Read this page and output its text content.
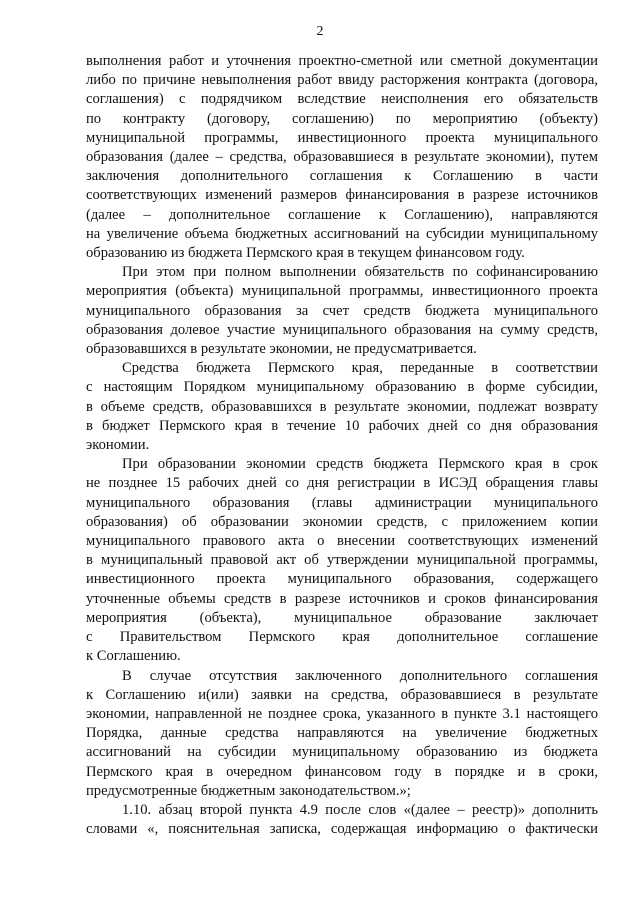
2
выполнения работ и уточнения проектно-сметной или сметной документации
либо по причине невыполнения работ ввиду расторжения контракта (договора,
соглашения) с подрядчиком вследствие неисполнения его обязательств
по контракту (договору, соглашению) по мероприятию (объекту)
муниципальной программы, инвестиционного проекта муниципального
образования (далее – средства, образовавшиеся в результате экономии), путем
заключения дополнительного соглашения к Соглашению в части
соответствующих изменений размеров финансирования в разрезе источников
(далее – дополнительное соглашение к Соглашению), направляются
на увеличение объема бюджетных ассигнований на субсидии муниципальному
образованию из бюджета Пермского края в текущем финансовом году.
При этом при полном выполнении обязательств по софинансированию
мероприятия (объекта) муниципальной программы, инвестиционного проекта
муниципального образования за счет средств бюджета муниципального
образования долевое участие муниципального образования на сумму средств,
образовавшихся в результате экономии, не предусматривается.
Средства бюджета Пермского края, переданные в соответствии
с настоящим Порядком муниципальному образованию в форме субсидии,
в объеме средств, образовавшихся в результате экономии, подлежат возврату
в бюджет Пермского края в течение 10 рабочих дней со дня образования
экономии.
При образовании экономии средств бюджета Пермского края в срок
не позднее 15 рабочих дней со дня регистрации в ИСЭД обращения главы
муниципального образования (главы администрации муниципального
образования) об образовании экономии средств, с приложением копии
муниципального правового акта о внесении соответствующих изменений
в муниципальный правовой акт об утверждении муниципальной программы,
инвестиционного проекта муниципального образования, содержащего
уточненные объемы средств в разрезе источников и сроков финансирования
мероприятия (объекта), муниципальное образование заключает
с Правительством Пермского края дополнительное соглашение
к Соглашению.
В случае отсутствия заключенного дополнительного соглашения
к Соглашению и(или) заявки на средства, образовавшиеся в результате
экономии, направленной не позднее срока, указанного в пункте 3.1 настоящего
Порядка, данные средства направляются на увеличение бюджетных
ассигнований на субсидии муниципальному образованию из бюджета
Пермского края в очередном финансовом году в порядке и в сроки,
предусмотренные бюджетным законодательством.»;
1.10. абзац второй пункта 4.9 после слов «(далее – реестр)» дополнить
словами «, пояснительная записка, содержащая информацию о фактически
